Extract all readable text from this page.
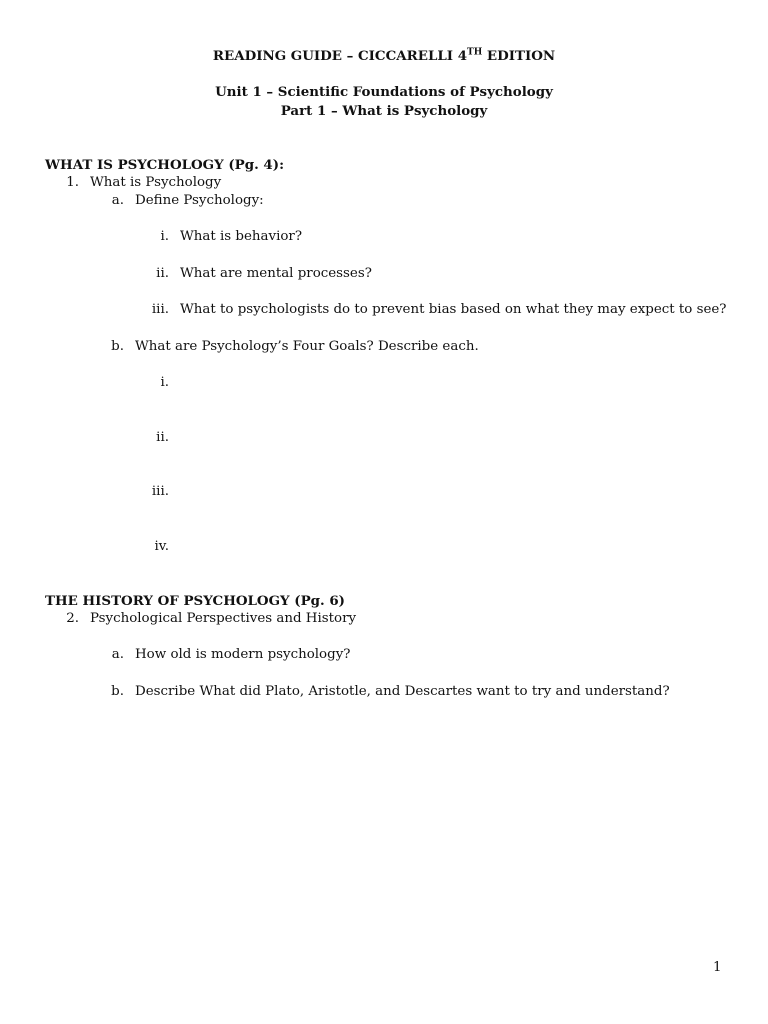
READING GUIDE – CICCARELLI 4TH EDITION
Unit 1 – Scientific Foundations of Psychology
Part 1 – What is Psychology
WHAT IS PSYCHOLOGY (Pg. 4):
1. What is Psychology
a. Define Psychology:
i. What is behavior?
ii. What are mental processes?
iii. What to psychologists do to prevent bias based on what they may expect to see?
b. What are Psychology’s Four Goals? Describe each.
i.
ii.
iii.
iv.
THE HISTORY OF PSYCHOLOGY (Pg. 6)
2. Psychological Perspectives and History
a. How old is modern psychology?
b. Describe What did Plato, Aristotle, and Descartes want to try and understand?
1
